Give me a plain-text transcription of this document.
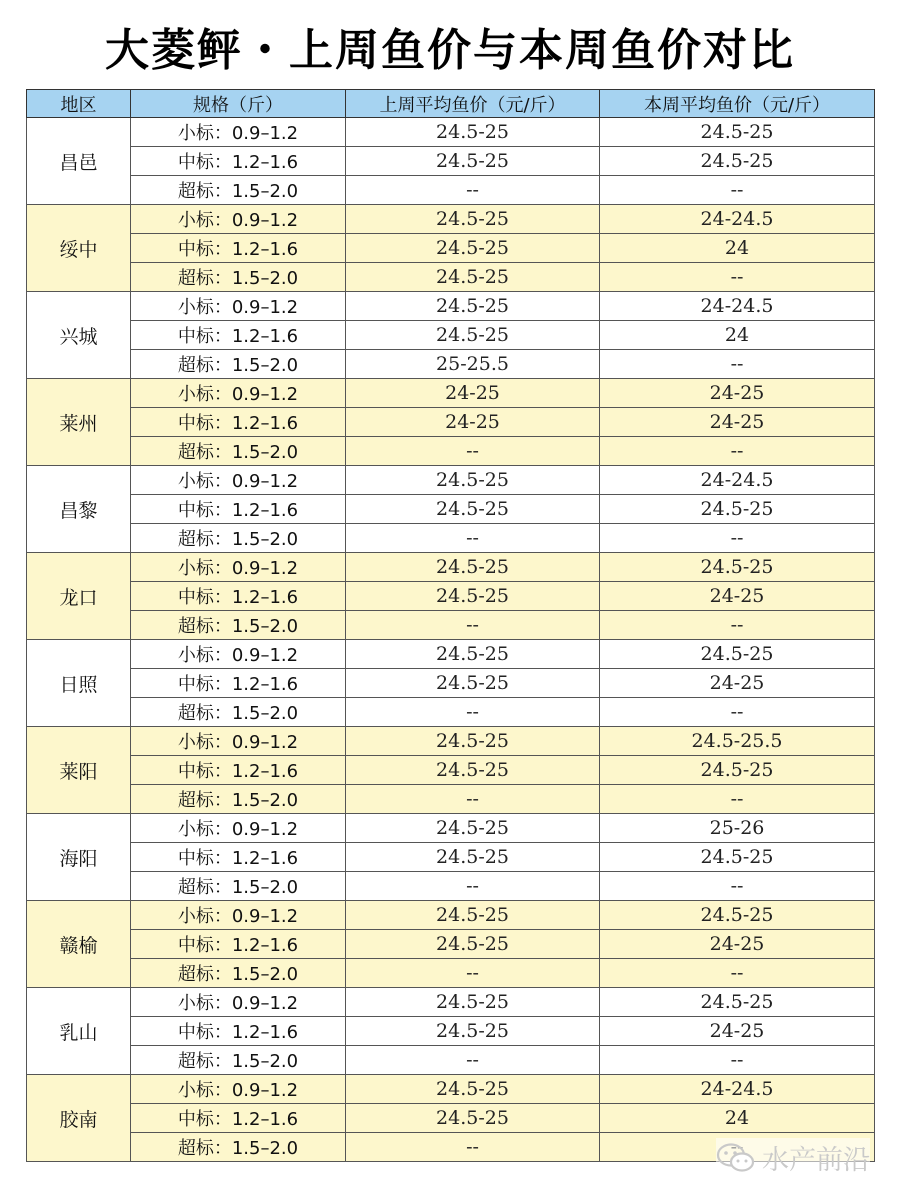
大菱鲆・上周鱼价与本周鱼价对比
地区	规格（斤）	上周平均鱼价（元/斤）	本周平均鱼价（元/斤）
昌邑	小标：0.9–1.2	24.5-25	24.5-25
	中标：1.2–1.6	24.5-25	24.5-25
	超标：1.5–2.0	--	--
绥中	小标：0.9–1.2	24.5-25	24-24.5
	中标：1.2–1.6	24.5-25	24
	超标：1.5–2.0	24.5-25	--
兴城	小标：0.9–1.2	24.5-25	24-24.5
	中标：1.2–1.6	24.5-25	24
	超标：1.5–2.0	25-25.5	--
莱州	小标：0.9–1.2	24-25	24-25
	中标：1.2–1.6	24-25	24-25
	超标：1.5–2.0	--	--
昌黎	小标：0.9–1.2	24.5-25	24-24.5
	中标：1.2–1.6	24.5-25	24.5-25
	超标：1.5–2.0	--	--
龙口	小标：0.9–1.2	24.5-25	24.5-25
	中标：1.2–1.6	24.5-25	24-25
	超标：1.5–2.0	--	--
日照	小标：0.9–1.2	24.5-25	24.5-25
	中标：1.2–1.6	24.5-25	24-25
	超标：1.5–2.0	--	--
莱阳	小标：0.9–1.2	24.5-25	24.5-25.5
	中标：1.2–1.6	24.5-25	24.5-25
	超标：1.5–2.0	--	--
海阳	小标：0.9–1.2	24.5-25	25-26
	中标：1.2–1.6	24.5-25	24.5-25
	超标：1.5–2.0	--	--
赣榆	小标：0.9–1.2	24.5-25	24.5-25
	中标：1.2–1.6	24.5-25	24-25
	超标：1.5–2.0	--	--
乳山	小标：0.9–1.2	24.5-25	24.5-25
	中标：1.2–1.6	24.5-25	24-25
	超标：1.5–2.0	--	--
胶南	小标：0.9–1.2	24.5-25	24-24.5
	中标：1.2–1.6	24.5-25	24
	超标：1.5–2.0	--		水产前沿
